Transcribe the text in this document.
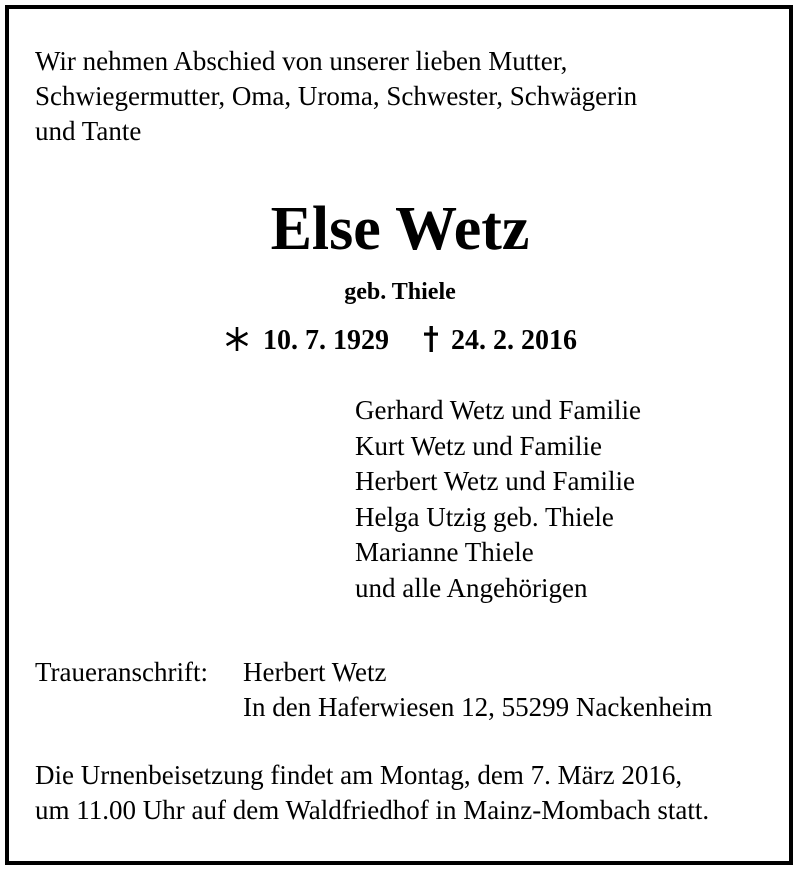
Wir nehmen Abschied von unserer lieben Mutter,
Schwiegermutter, Oma, Uroma, Schwester, Schwägerin
und Tante
Else Wetz
geb. Thiele
10. 7. 1929 24. 2. 2016
Gerhard Wetz und Familie
Kurt Wetz und Familie
Herbert Wetz und Familie
Helga Utzig geb. Thiele
Marianne Thiele
und alle Angehörigen
Traueranschrift: Herbert Wetz
In den Haferwiesen 12, 55299 Nackenheim
Die Urnenbeisetzung findet am Montag, dem 7. März 2016,
um 11.00 Uhr auf dem Waldfriedhof in Mainz-Mombach statt.
